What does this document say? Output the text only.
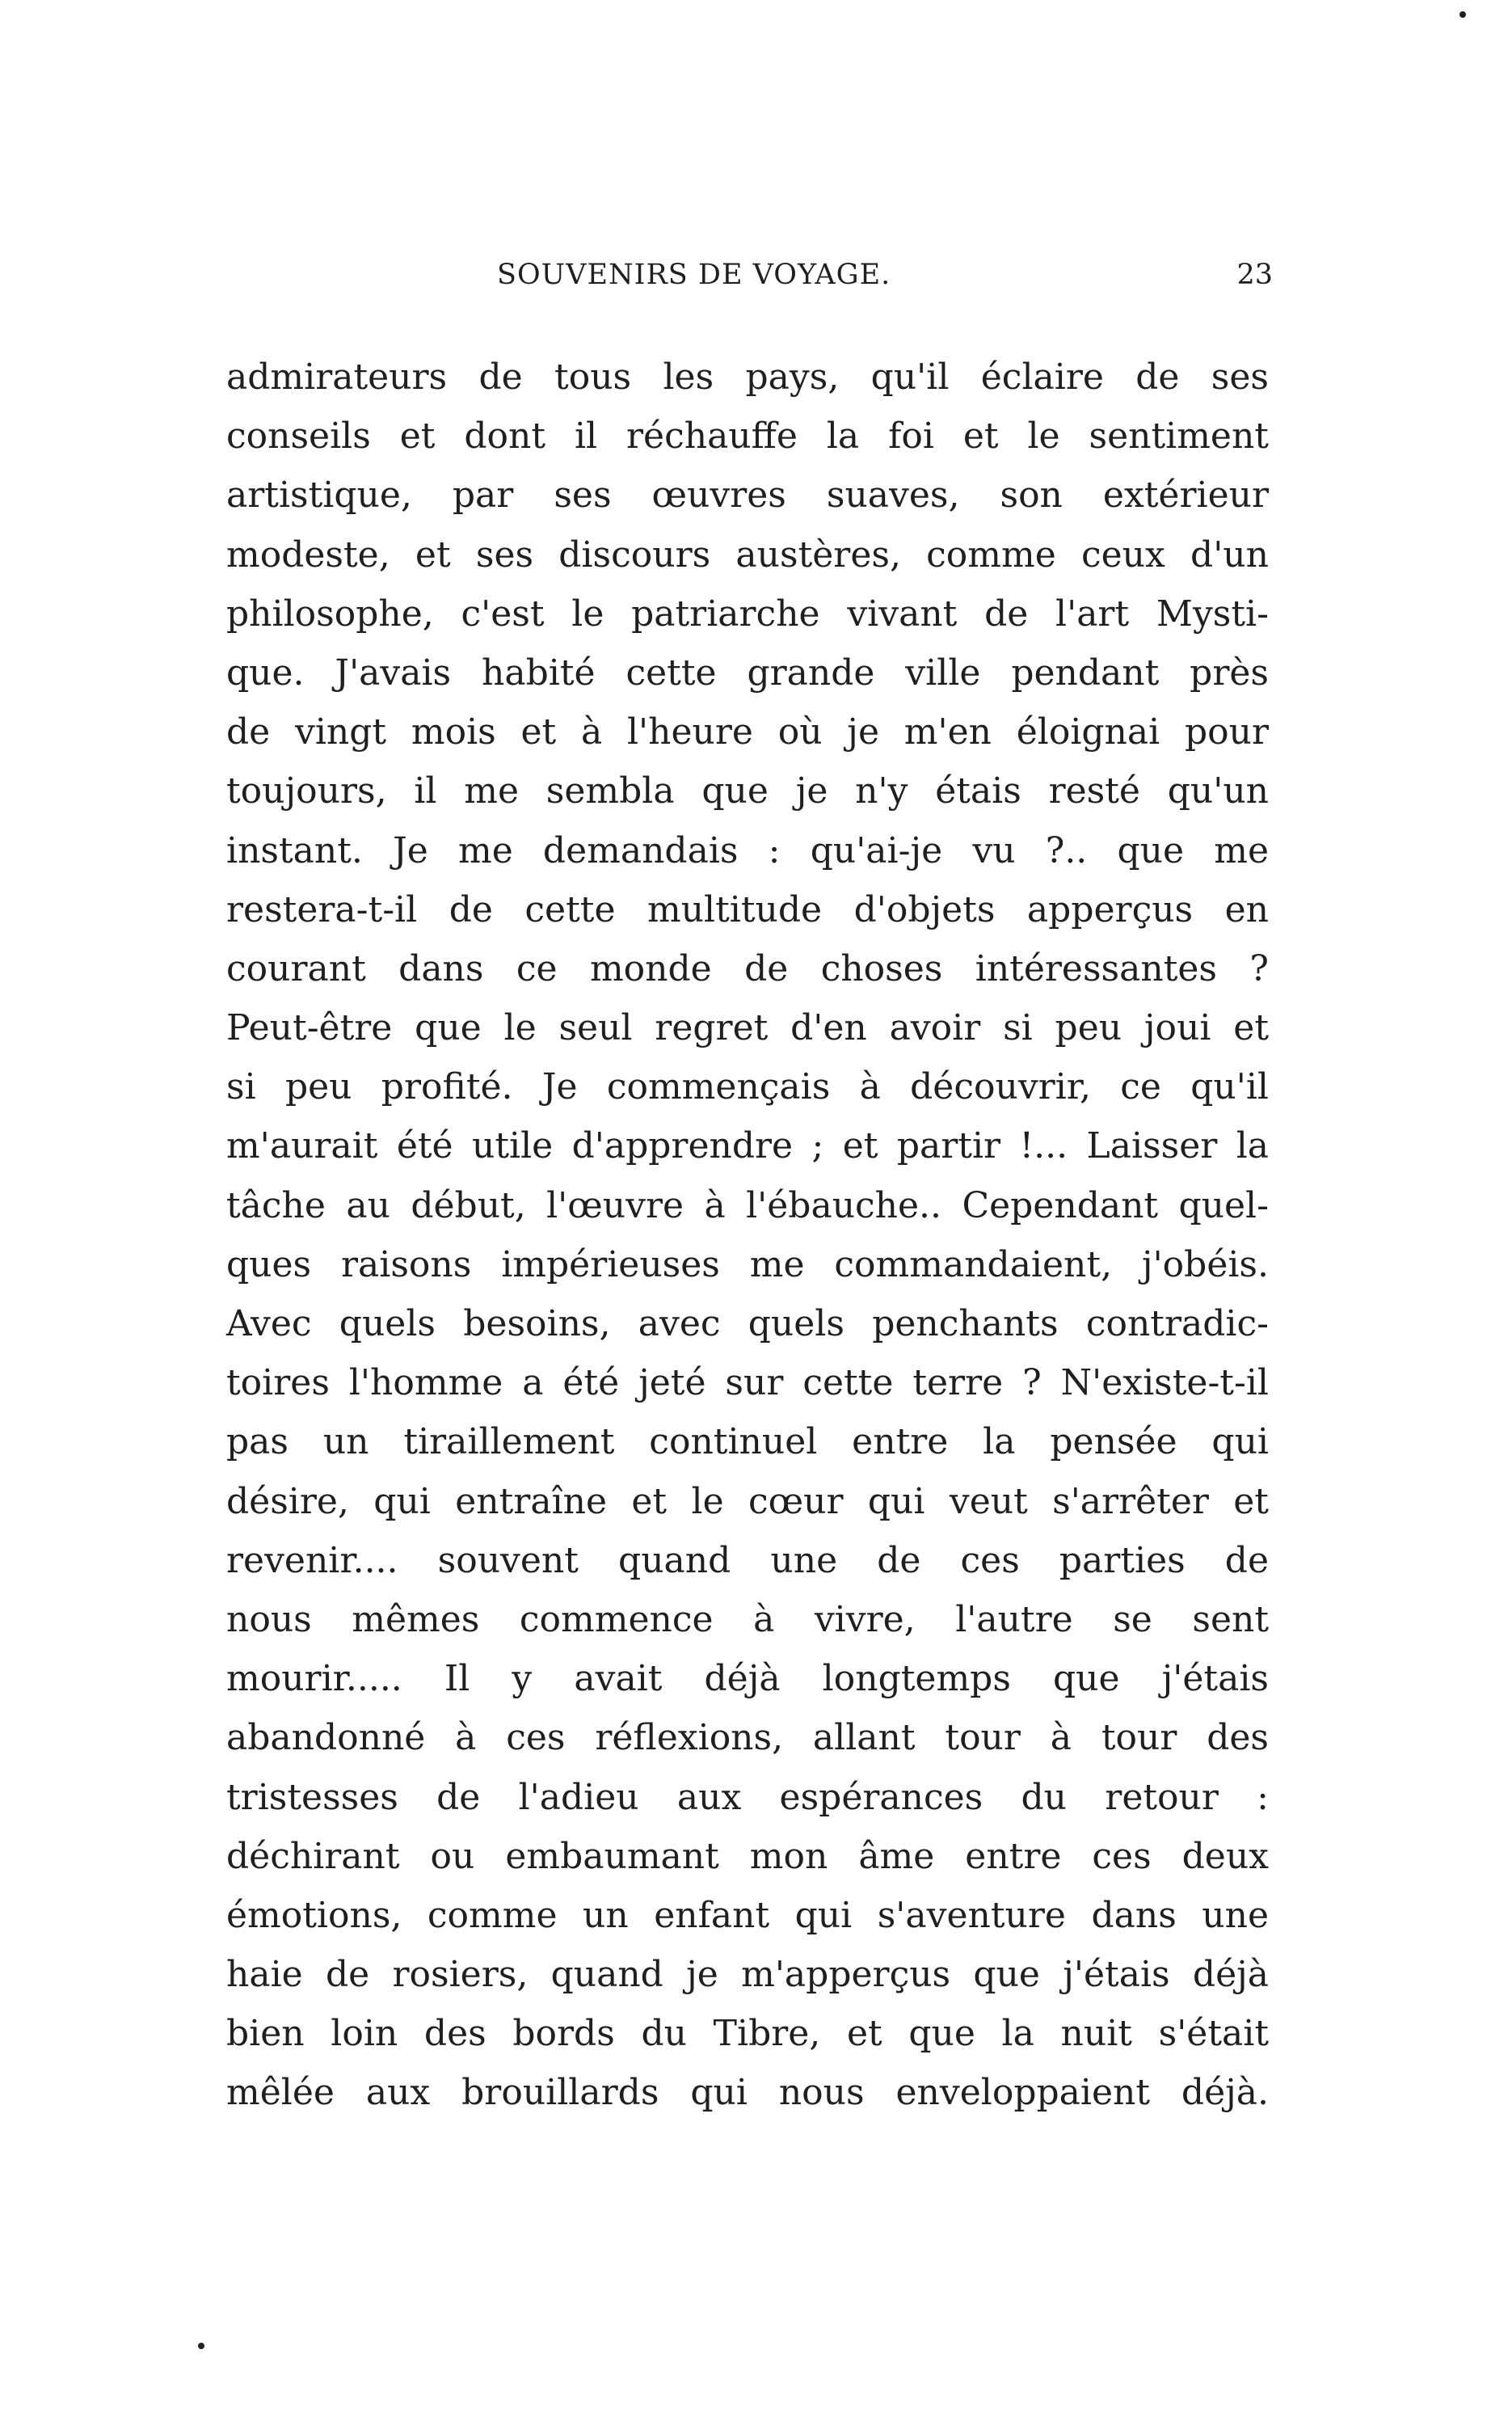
SOUVENIRS DE VOYAGE.	23
admirateurs de tous les pays, qu'il éclaire de ses
conseils et dont il réchauffe la foi et le sentiment
artistique, par ses œuvres suaves, son extérieur
modeste, et ses discours austères, comme ceux d'un
philosophe, c'est le patriarche vivant de l'art Mysti-
que. J'avais habité cette grande ville pendant près
de vingt mois et à l'heure où je m'en éloignai pour
toujours, il me sembla que je n'y étais resté qu'un
instant. Je me demandais : qu'ai-je vu ?.. que me
restera-t-il de cette multitude d'objets apperçus en
courant dans ce monde de choses intéressantes ?
Peut-être que le seul regret d'en avoir si peu joui et
si peu profité. Je commençais à découvrir, ce qu'il
m'aurait été utile d'apprendre ; et partir !... Laisser la
tâche au début, l'œuvre à l'ébauche.. Cependant quel-
ques raisons impérieuses me commandaient, j'obéis.
Avec quels besoins, avec quels penchants contradic-
toires l'homme a été jeté sur cette terre ? N'existe-t-il
pas un tiraillement continuel entre la pensée qui
désire, qui entraîne et le cœur qui veut s'arrêter et
revenir.... souvent quand une de ces parties de
nous mêmes commence à vivre, l'autre se sent
mourir..... Il y avait déjà longtemps que j'étais
abandonné à ces réflexions, allant tour à tour des
tristesses de l'adieu aux espérances du retour :
déchirant ou embaumant mon âme entre ces deux
émotions, comme un enfant qui s'aventure dans une
haie de rosiers, quand je m'apperçus que j'étais déjà
bien loin des bords du Tibre, et que la nuit s'était
mêlée aux brouillards qui nous enveloppaient déjà.
